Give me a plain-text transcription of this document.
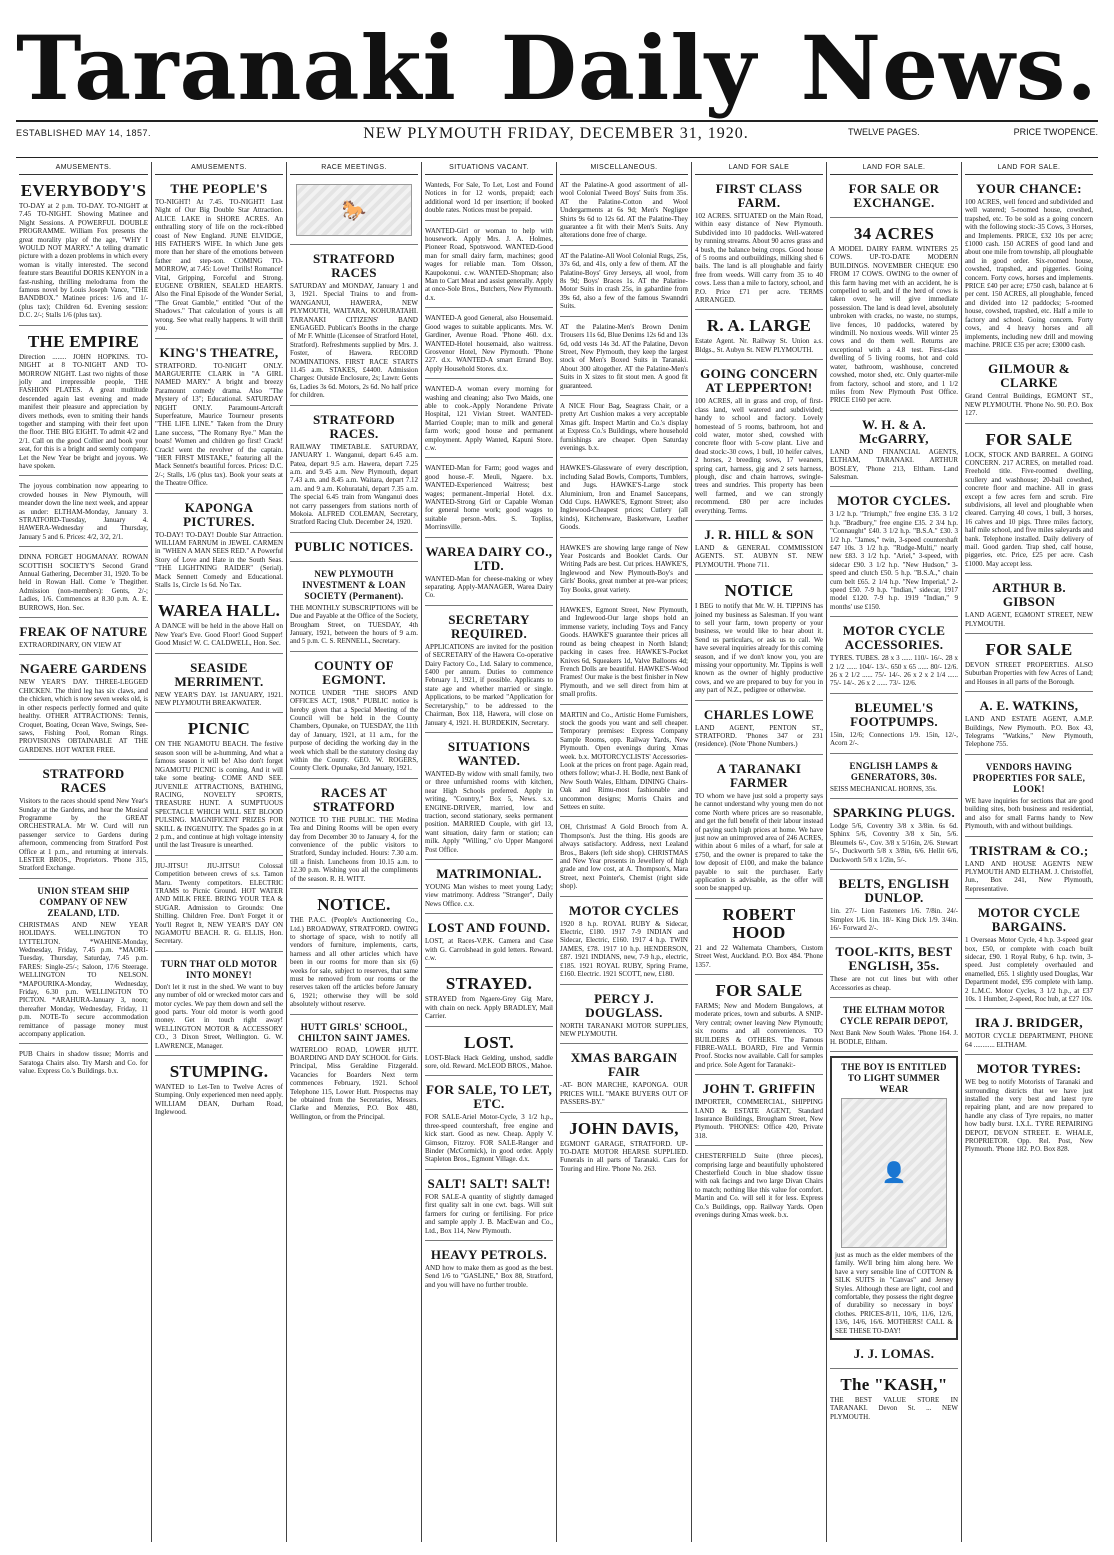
Taranaki Daily News.
ESTABLISHED MAY 14, 1857.	NEW PLYMOUTH FRIDAY, DECEMBER 31, 1920.	TWELVE PAGES.	PRICE TWOPENCE.
AMUSEMENTS.
EVERYBODY'S
TO-DAY at 2 p.m. TO-DAY. TO-NIGHT at 7.45 TO-NIGHT. Showing Matinee and Night Sessions. A POWERFUL DOUBLE PROGRAMME. William Fox presents the great morality play of the age, "WHY I WOULD NOT MARRY." A telling dramatic picture with a dozen problems in which every woman is vitally interested. The second feature stars Beautiful DORIS KENYON in a fast-rushing, thrilling melodrama from the famous novel by Louis Joseph Vance, "THE BANDBOX." Matinee prices: 1/6 and 1/- (plus tax); Children 6d. Evening session: D.C. 2/-; Stalls 1/6 (plus tax).
THE EMPIRE
Direction ........ JOHN HOPKINS. TO-NIGHT at 8 TO-NIGHT AND TO-MORROW NIGHT. Last two nights of those jolly and irrepressible people, THE FASHION PLATES. A great multitude descended again last evening and made manifest their pleasure and appreciation by divers methods, even to smiting their hands together and stamping with their feet upon the floor. THE BIG EIGHT. To admit 4/2 and 2/1. Call on the good Collier and book your seat, for this is a bright and seemly company. Let the New Year be bright and joyous. We have spoken.
The joyous combination now appearing to crowded houses in New Plymouth, will meander down the line next week, and appear as under: ELTHAM-Monday, January 3. STRATFORD-Tuesday, January 4. HAWERA-Wednesday and Thursday, January 5 and 6. Prices: 4/2, 3/2, 2/1.
DINNA FORGET HOGMANAY. ROWAN SCOTTISH SOCIETY'S Second Grand Annual Gathering, December 31, 1920. To be held in Rowan Hall. Come 'e Thegither. Admission (non-members): Gents, 2/-; Ladies, 1/6. Commences at 8.30 p.m. A. E. BURROWS, Hon. Sec.
FREAK OF NATURE
EXTRAORDINARY, ON VIEW AT
NGAERE GARDENS
NEW YEAR'S DAY. THREE-LEGGED CHICKEN. The third leg has six claws, and the chicken, which is now seven weeks old, is in other respects perfectly formed and quite healthy. OTHER ATTRACTIONS: Tennis, Croquet, Boating, Ocean Wave, Swings, See-saws, Fishing Pool, Roman Rings. PROVISIONS OBTAINABLE AT THE GARDENS. HOT WATER FREE.
STRATFORD RACES
Visitors to the races should spend New Year's Sunday at the Gardens, and hear the Musical Programme by the GREAT ORCHESTRALA. Mr W. Curd will run passenger service to Gardens during afternoon, commencing from Stratford Post Office at 1 p.m., and returning at intervals. LESTER BROS., Proprietors. 'Phone 315, Stratford Exchange.
UNION STEAM SHIP COMPANY OF NEW ZEALAND, LTD.
CHRISTMAS AND NEW YEAR HOLIDAYS. WELLINGTON TO LYTTELTON. *WAHINE-Monday, Wednesday, Friday, 7.45 p.m. *MAORI-Tuesday, Thursday, Saturday, 7.45 p.m. FARES: Single-25/-; Saloon, 17/6 Steerage. WELLINGTON TO NELSON. *MAPOURIKA-Monday, Wednesday, Friday, 6.30 p.m. WELLINGTON TO PICTON. *ARAHURA-January 3, noon; thereafter Monday, Wednesday, Friday, 11 p.m. NOTE-To secure accommodation remittance of passage money must accompany application.
PUB Chairs in shadow tissue; Morris and Saratoga Chairs also. Try Marsh and Co. for value. Express Co.'s Buildings. b.x.
AMUSEMENTS.
THE PEOPLE'S
TO-NIGHT! At 7.45. TO-NIGHT! Last Night of Our Big Double Star Attraction. ALICE LAKE in SHORE ACRES. An enthralling story of life on the rock-ribbed coast of New England. JUNE ELVIDGE, HIS FATHER'S WIFE. In which June gets more than her share of the emotions between father and step-son. COMING TO-MORROW, at 7.45: Love! Thrills! Romance! Vital, Gripping, Forceful and Strong. EUGENE O'BRIEN, SEALED HEARTS. Also the Final Episode of the Wonder Serial, "The Great Gamble," entitled "Out of the Shadows." That calculation of yours is all wrong. See what really happens. It will thrill you.
KING'S THEATRE,
STRATFORD. TO-NIGHT ONLY. MARGUERITE CLARK in "A GIRL NAMED MARY." A bright and breezy Paramount comedy drama. Also "The Mystery of 13"; Educational. SATURDAY NIGHT ONLY. Paramount-Artcraft Superfeature, Maurice Tourneur presents "THE LIFE LINE." Taken from the Drury Lane success, "The Romany Rye." Man the boats! Women and children go first! Crack! Crack! went the revolver of the captain. "HER FIRST MISTAKE," featuring all the Mack Sennett's beautiful forces. Prices: D.C. 2/-; Stalls, 1/6 (plus tax). Book your seats at the Theatre Office.
KAPONGA PICTURES.
TO-DAY! TO-DAY! Double Star Attraction. WILLIAM FARNUM in JEWEL CARMEN in "WHEN A MAN SEES RED." A Powerful Story of Love and Hate in the South Seas. "THE LIGHTNING RAIDER" (Serial). Mack Sennett Comedy and Educational. Stalls 1s, Circle 1s 6d. No Tax.
WAREA HALL.
A DANCE will be held in the above Hall on New Year's Eve. Good Floor! Good Supper! Good Music! W. C. CALDWELL, Hon. Sec.
SEASIDE MERRIMENT.
NEW YEAR'S DAY. 1st JANUARY, 1921. NEW PLYMOUTH BREAKWATER.
PICNIC
ON THE NGAMOTU BEACH. The festive season soon will be a-humming, And what a famous season it will be! Also don't forget NGAMOTU PICNIC is coming, And it will take some beating- COME AND SEE. JUVENILE ATTRACTIONS, BATHING, RACING, NOVELTY SPORTS, TREASURE HUNT. A SUMPTUOUS SPECTACLE WHICH WILL SET BLOOD PULSING. MAGNIFICENT PRIZES FOR SKILL & INGENUITY. The Spades go in at 2 p.m., and continue at high voltage intensity until the last Treasure is unearthed.
JIU-JITSU! JIU-JITSU! Colossal Competition between crews of s.s. Tamon Maru. Twenty competitors. ELECTRIC TRAMS to Picnic Ground. HOT WATER AND MILK FREE. BRING YOUR TEA & SUGAR. Admission to Grounds: One Shilling. Children Free. Don't Forget it or You'll Regret It, NEW YEAR'S DAY ON NGAMOTU BEACH. R. G. ELLIS, Hon. Secretary.
TURN THAT OLD MOTOR INTO MONEY!
Don't let it rust in the shed. We want to buy any number of old or wrecked motor cars and motor cycles. We pay them down and sell the good parts. Your old motor is worth good money. Get in touch right away! WELLINGTON MOTOR & ACCESSORY CO., 3 Dixon Street, Wellington. G. W. LAWRENCE, Manager.
STUMPING.
WANTED to Let-Ten to Twelve Acres of Stumping. Only experienced men need apply. WILLIAM DEAN, Durham Road, Inglewood.
RACE MEETINGS.
🐎
STRATFORD RACES
SATURDAY and MONDAY, January 1 and 3, 1921. Special Trains to and from-WANGANUI, HAWERA, NEW PLYMOUTH, WAITARA, KOHURATAHI. TARANAKI CITIZENS' BAND ENGAGED. Publican's Booths in the charge of Mr F. Whittle (Licensee of Stratford Hotel, Stratford). Refreshments supplied by Mrs. J. Foster, of Hawera. RECORD NOMINATIONS. FIRST RACE STARTS 11.45 a.m. STAKES, £4400. Admission Charges: Outside Enclosure, 2s; Lawn: Gents 6s, Ladies 3s 6d. Motors, 2s 6d. No half price for children.
STRATFORD RACES.
RAILWAY TIMETABLE. SATURDAY, JANUARY 1. Wanganui, depart 6.45 a.m. Patea, depart 9.5 a.m. Hawera, depart 7.25 a.m. and 9.45 a.m. New Plymouth, depart 7.43 a.m. and 8.45 a.m. Waitara, depart 7.12 a.m. and 9 a.m. Kohuratahi, depart 7.35 a.m. The special 6.45 train from Wanganui does not carry passengers from stations north of Mokoia. ALFRED COLEMAN, Secretary, Stratford Racing Club. December 24, 1920.
PUBLIC NOTICES.
NEW PLYMOUTH INVESTMENT & LOAN SOCIETY (Permanent).
THE MONTHLY SUBSCRIPTIONS will be Due and Payable at the Office of the Society, Brougham Street, on TUESDAY, 4th January, 1921, between the hours of 9 a.m. and 5 p.m. C. S. RENNELL, Secretary.
COUNTY OF EGMONT.
NOTICE UNDER "THE SHOPS AND OFFICES ACT, 1908." PUBLIC notice is hereby given that a Special Meeting of the Council will be held in the County Chambers, Opunake, on TUESDAY, the 11th day of January, 1921, at 11 a.m., for the purpose of deciding the working day in the week which shall be the statutory closing day within the County. GEO. W. ROGERS, County Clerk. Opunake, 3rd January, 1921.
RACES AT STRATFORD
NOTICE TO THE PUBLIC. THE Medina Tea and Dining Rooms will be open every day from December 30 to January 4, for the convenience of the public visitors to Stratford, Sunday included. Hours: 7.30 a.m. till a finish. Luncheons from 10.15 a.m. to 12.30 p.m. Wishing you all the compliments of the season. R. H. WITT.
NOTICE.
THE P.A.C. (People's Auctioneering Co., Ltd.) BROADWAY, STRATFORD. OWING to shortage of space, wish to notify all vendors of furniture, implements, carts, harness and all other articles which have been in our rooms for more than six (6) weeks for sale, subject to reserves, that same must be removed from our rooms or the reserves taken off the articles before January 6, 1921; otherwise they will be sold absolutely without reserve.
HUTT GIRLS' SCHOOL, CHILTON SAINT JAMES.
WATERLOO ROAD, LOWER HUTT. BOARDING AND DAY SCHOOL for Girls. Principal, Miss Geraldine Fitzgerald. Vacancies for Boarders Next term commences February, 1921. School Telephone 115, Lower Hutt. Prospectus may be obtained from the Secretaries, Messrs. Clarke and Menzies, P.O. Box 480, Wellington, or from the Principal.
SITUATIONS VACANT.
Wanteds, For Sale, To Let, Lost and Found Notices in for 12 words, prepaid; each additional word 1d per insertion; if booked double rates. Notices must be prepaid.
WANTED-Girl or woman to help with housework. Apply Mrs. J. A. Holmes, Pioneer Road, Spotswood. WANTED-Good man for small dairy farm, machines; good wages for reliable man. Tom Olsson, Kaupokonui. c.w. WANTED-Shopman; also Man to Cart Meat and assist generally. Apply at once-Sole Bros., Butchers, New Plymouth. d.x.
WANTED-A good General, also Housemaid. Good wages to suitable applicants. Mrs. W. Gardiner, Avenue Road. 'Phone 460. d.x. WANTED-Hotel housemaid, also waitress. Grosvenor Hotel, New Plymouth. 'Phone 227. d.x. WANTED-A smart Errand Boy. Apply Household Stores. d.x.
WANTED-A woman every morning for washing and cleaning; also Two Maids, one able to cook.-Apply Norandene Private Hospital, 121 Vivian Street. WANTED-Married Couple; man to milk and general farm work; good house and permanent employment. Apply Wanted, Kapuni Store. c.w.
WANTED-Man for Farm; good wages and good house.-F. Meuli, Ngaere. b.x. WANTED-Experienced Waitress; best wages; permanent.-Imperial Hotel. d.x. WANTED-Strong Girl or Capable Woman for general home work; good wages to suitable person.-Mrs. S. Topliss, Morrinsville.
WAREA DAIRY CO., LTD.
WANTED-Man for cheese-making or whey separating. Apply-MANAGER, Warea Dairy Co.
SECRETARY REQUIRED.
APPLICATIONS are invited for the position of SECRETARY of the Hawera Co-operative Dairy Factory Co., Ltd. Salary to commence, £400 per annum. Duties to commence February 1, 1921, if possible. Applicants to state age and whether married or single. Applications, to be marked "Application for Secretaryship," to be addressed to the Chairman, Box 118, Hawera, will close on January 4, 1921. H. BURDEKIN, Secretary.
SITUATIONS WANTED.
WANTED-By widow with small family, two or three unfurnished rooms with kitchen, near High Schools preferred. Apply in writing, "Country," Box 5, News. s.x. ENGINE-DRIVER, married, low and traction, second stationary, seeks permanent position. MARRIED Couple, with girl 13, want situation, dairy farm or station; can milk. Apply "Willing," c/o Upper Mangorei Post Office.
MATRIMONIAL.
YOUNG Man wishes to meet young Lady; view matrimony. Address "Stranger", Daily News Office. c.x.
LOST AND FOUND.
LOST, at Races-V.P.K. Camera and Case with G. Carrolshead in gold letters. Reward. c.w.
STRAYED.
STRAYED from Ngaere-Grey Gig Mare, with chain on neck. Apply BRADLEY, Mail Carrier.
LOST.
LOST-Black Hack Gelding, unshod, saddle sore, old. Reward. McLEOD BROS., Mahoe.
FOR SALE, TO LET, ETC.
FOR SALE-Ariel Motor-Cycle, 3 1/2 h.p., three-speed countershaft, free engine and kick start. Good as new. Cheap. Apply V. Gimson, Fitzroy. FOR SALE-Ranger and Binder (McCormick), in good order. Apply Stapleton Bros., Egmont Village. d.x.
SALT! SALT! SALT!
FOR SALE-A quantity of slightly damaged first quality salt in one cwt. bags. Will suit farmers for curing or fertilising. For price and sample apply J. B. MacEwan and Co., Ltd., Box 114, New Plymouth.
HEAVY PETROLS.
AND how to make them as good as the best. Send 1/6 to "GASLINE," Box 88, Stratford, and you will have no further trouble.
MISCELLANEOUS.
AT the Palatine-A good assortment of all-wool Colonial Tweed Boys' Suits from 35s. AT the Palatine-Cotton and Wool Undergarments at 6s 9d; Men's Negligee Shirts 9s 6d to 12s 6d. AT the Palatine-They guarantee a fit with their Men's Suits. Any alterations done free of charge.
AT the Palatine-All Wool Colonial Rugs, 25s, 37s 6d, and 41s, only a few of them. AT the Palatine-Boys' Grey Jerseys, all wool, from 8s 9d; Boys' Braces 1s. AT the Palatine-Motor Suits in crash 25s, in gabardine from 39s 6d, also a few of the famous Swanndri Suits.
AT the Palatine-Men's Brown Denim Trousers 11s 6d, Blue Denims 12s 6d and 13s 6d, odd vests 14s 3d. AT the Palatine, Devon Street, New Plymouth, they keep the largest stock of Men's Boxed Suits in Taranaki. About 300 altogether. AT the Palatine-Men's Suits in X sizes to fit stout men. A good fit guaranteed.
A NICE Flour Bag, Seagrass Chair, or a pretty Art Cushion makes a very acceptable Xmas gift. Inspect Martin and Co.'s display at Express Co.'s Buildings, where household furnishings are cheaper. Open Saturday evenings. b.x.
HAWKE'S-Glassware of every description, including Salad Bowls, Comports, Tumblers, and Jugs. HAWKE'S-Large stock Aluminium, Iron and Enamel Saucepans, Odd Cups. HAWKE'S, Egmont Street; also Inglewood-Cheapest prices; Cutlery (all kinds), Kitchenware, Basketware, Leather Goods.
HAWKE'S are showing large range of New Year Postcards and Booklet Cards. Our Writing Pads are best. Cut prices. HAWKE'S, Inglewood and New Plymouth-Boy's and Girls' Books, great number at pre-war prices; Toy Books, great variety.
HAWKE'S, Egmont Street, New Plymouth, and Inglewood-Our large shops hold an immense variety, including Toys and Fancy Goods. HAWKE'S guarantee their prices all round as being cheapest in North Island; packing in cases free. HAWKE'S-Pocket Knives 6d, Squeakers 1d, Valve Balloons 4d; French Dolls are beautiful. HAWKE'S-Wood Frames! Our make is the best finisher in New Plymouth, and we sell direct from him at small profits.
MARTIN and Co., Artistic Home Furnishers, stock the goods you want and sell cheaper. Temporary premises: Express Company Sample Rooms, opp. Railway Yards, New Plymouth. Open evenings during Xmas week. b.x. MOTORCYCLISTS' Accessories-Look at the prices on front page. Again read, others follow; what-J. H. Bodle, next Bank of New South Wales, Eltham. DINING Chairs-Oak and Rimu-most fashionable and uncommon designs; Morris Chairs and Settees en suite.
OH, Christmas! A Gold Brooch from A. Thompson's. Just the thing. His goods are always satisfactory. Address, next Lealand Bros., Bakers (left side shop). CHRISTMAS and New Year presents in Jewellery of high grade and low cost, at A. Thompson's, Mara Street, next Pointer's, Chemist (right side shop).
MOTOR CYCLES
1920 8 h.p. ROYAL RUBY & Sidecar, Electric, £180. 1917 7-9 INDIAN and Sidecar, Electric, £160. 1917 4 h.p. TWIN JAMES, £78. 1917 10 h.p. HENDERSON, £87. 1921 INDIANS, new, 7-9 h.p., electric, £185. 1921 ROYAL RUBY, Spring Frame, £160. Electric. 1921 SCOTT, new, £180.
PERCY J. DOUGLASS.
NORTH TARANAKI MOTOR SUPPLIES, NEW PLYMOUTH.
XMAS BARGAIN FAIR
-AT- BON MARCHE, KAPONGA. OUR PRICES WILL "MAKE BUYERS OUT OF PASSERS-BY."
JOHN DAVIS,
EGMONT GARAGE, STRATFORD. UP-TO-DATE MOTOR HEARSE SUPPLIED. Funerals in all parts of Taranaki. Cars for Touring and Hire. 'Phone No. 263.
LAND FOR SALE
FIRST CLASS FARM.
102 ACRES. SITUATED on the Main Road, within easy distance of New Plymouth. Subdivided into 10 paddocks. Well-watered by running streams. About 90 acres grass and 4 bush, the balance being crops. Good house of 5 rooms and outbuildings, milking shed 6 bails. The land is all ploughable and fairly free from weeds. Will carry from 35 to 40 cows. Less than a mile to factory, school, and P.O. Price £71 per acre. TERMS ARRANGED.
R. A. LARGE
Estate Agent. Nr. Railway St. Union a.s. Bldgs., St. Aubyn St. NEW PLYMOUTH.
GOING CONCERN AT LEPPERTON!
100 ACRES, all in grass and crop, of first-class land, well watered and subdivided; handy to school and factory. Lovely homestead of 5 rooms, bathroom, hot and cold water, motor shed, cowshed with concrete floor with 5-cow plant. Live and dead stock:-30 cows, 1 bull, 10 heifer calves, 2 horses, 2 breeding sows, 17 weaners, spring cart, harness, gig and 2 sets harness, plough, disc and chain harrows, swingle-trees and sundries. This property has been well farmed, and we can strongly recommend. £80 per acre includes everything. Terms.
J. R. HILL & SON
LAND & GENERAL COMMISSION AGENTS. ST. AUBYN ST. NEW PLYMOUTH. 'Phone 711.
NOTICE
I BEG to notify that Mr. W. H. TIPPINS has joined my business as Salesman. If you want to sell your farm, town property or your business, we would like to hear about it. Send us particulars, or ask us to call. We have several inquiries already for this coming season, and if we don't know you, you are missing your opportunity. Mr. Tippins is well known as the owner of highly productive cows, and we are prepared to buy for you in any part of N.Z., pedigree or otherwise.
CHARLES LOWE
LAND AGENT, PENTON ST., STRATFORD. 'Phones 347 or 231 (residence). (Note 'Phone Numbers.)
A TARANAKI FARMER
TO whom we have just sold a property says he cannot understand why young men do not come North where prices are so reasonable, and get the full benefit of their labour instead of paying such high prices at home. We have just now an unimproved area of 246 ACRES, within about 6 miles of a wharf, for sale at £750, and the owner is prepared to take the low deposit of £100, and make the balance payable to suit the purchaser. Early application is advisable, as the offer will soon be snapped up.
ROBERT HOOD
21 and 22 Waltemata Chambers, Custom Street West, Auckland. P.O. Box 484. 'Phone 1357.
FOR SALE
FARMS; New and Modern Bungalows, at moderate prices, town and suburbs. A SNIP-Very central; owner leaving New Plymouth; six rooms and all conveniences. TO BUILDERS & OTHERS. The Famous FIBRE-WALL BOARD, Fire and Vermin Proof. Stocks now available. Call for samples and price. Sole Agent for Taranaki:-
JOHN T. GRIFFIN
IMPORTER, COMMERCIAL, SHIPPING LAND & ESTATE AGENT, Standard Insurance Buildings, Brougham Street, New Plymouth. 'PHONES: Office 420, Private 318.
CHESTERFIELD Suite (three pieces), comprising large and beautifully upholstered Chesterfield Couch in blue shadow tissue with oak facings and two large Divan Chairs to match; nothing like this value for comfort. Martin and Co. will sell it for less. Express Co.'s Buildings, opp. Railway Yards. Open evenings during Xmas week. b.x.
LAND FOR SALE.
FOR SALE OR EXCHANGE.
34 ACRES
A MODEL DAIRY FARM. WINTERS 25 COWS. UP-TO-DATE MODERN BUILDINGS. NOVEMBER CHEQUE £90 FROM 17 COWS. OWING to the owner of this farm having met with an accident, he is compelled to sell, and if the herd of cows is taken over, he will give immediate possession. The land is dead level, absolutely unbroken with cracks, no waste, no stumps, live fences, 10 paddocks, watered by windmill. No noxious weeds. Will winter 25 cows and do them well. Returns are exceptional with a 4.8 test. First-class dwelling of 5 living rooms, hot and cold water, bathroom, washhouse, concreted cowshed, motor shed, etc. Only quarter-mile from factory, school and store, and 1 1/2 miles from New Plymouth Post Office. PRICE £160 per acre.
W. H. & A. McGARRY,
LAND AND FINANCIAL AGENTS, ELTHAM, TARANAKI. ARTHUR BOSLEY, 'Phone 213, Eltham. Land Salesman.
MOTOR CYCLES.
3 1/2 h.p. "Triumph," free engine £35. 3 1/2 h.p. "Bradbury," free engine £35. 2 3/4 h.p. "Connaught" £40. 3 1/2 h.p. "B.S.A." £30. 3 1/2 h.p. "James," twin, 3-speed countershaft £47 10s. 3 1/2 h.p. "Rudge-Multi," nearly new £83. 3 1/2 h.p. "Ariel," 3-speed, with sidecar £90. 3 1/2 h.p. "New Hudson," 3-speed and clutch £50. 5 h.p. "B.S.A.," chain cum belt £65. 2 1/4 h.p. "New Imperial," 2-speed £50. 7-9 h.p. "Indian," sidecar, 1917 model £120. 7-9 h.p. 1919 "Indian," 9 months' use £150.
MOTOR CYCLE ACCESSORIES.
TYRES. TUBES. 28 x 3 ...... 110/- 16/-. 28 x 2 1/2 ...... 104/- 13/-. 650 x 65 ...... 80/- 12/6. 26 x 2 1/2 ...... 75/- 14/-. 26 x 2 x 2 1/4 ...... 75/- 14/-. 26 x 2 ...... 73/- 12/6.
BLEUMEL'S FOOTPUMPS.
15in, 12/6; Connections 1/9. 15in, 12/-, Acorn 2/-.
ENGLISH LAMPS & GENERATORS, 30s.
SEISS MECHANICAL HORNS, 35s.
SPARKING PLUGS.
Lodge 5/6, Coventry 3/8 x 3/8in. 6s 6d. Sphinx 5/6, Coventry 3/8 x 5in, 5/6. Bleumels 6/-, Cov. 3/8 x 5/16in, 2/6. Stewart 5/-, Duckworth 5/8 x 3/8in, 6/6. Hellit 6/6, Duckworth 5/8 x 1/2in, 5/-.
BELTS, ENGLISH DUNLOP.
1in. 27/- Lion Fasteners 1/6. 7/8in. 24/- Simplex 1/6. 1in. 18/- King Dick 1/9. 3/4in. 16/- Forward 2/-.
TOOL-KITS, BEST ENGLISH, 35s.
These are not cut lines but with other Accessories as cheap.
THE ELTHAM MOTOR CYCLE REPAIR DEPOT,
Next Bank New South Wales. 'Phone 164. J. H. BODLE, Eltham.
THE BOY IS ENTITLED TO LIGHT SUMMER WEAR
👤
just as much as the elder members of the family. We'll bring him along here. We have a very sensible line of COTTON & SILK SUITS in "Canvas" and Jersey Styles. Although these are light, cool and comfortable, they possess the right degree of durability so necessary in boys' clothes. PRICES-8/11, 10/6, 11/6, 12/6, 13/6, 14/6, 16/6. MOTHERS! CALL & SEE THESE TO-DAY!
J. J. LOMAS.
The "KASH,"
THE BEST VALUE STORE IN TARANAKI. Devon St. ... NEW PLYMOUTH.
LAND FOR SALE.
YOUR CHANCE:
100 ACRES, well fenced and subdivided and well watered; 5-roomed house, cowshed, trapshed, etc. To be sold as a going concern with the following stock:-35 Cows, 3 Horses, and Implements. PRICE, £32 10s per acre; £1000 cash. 150 ACRES of good land and about one mile from township, all ploughable and in good order. Six-roomed house, cowshed, trapshed, and piggeries. Going concern. Forty cows, horses and implements. PRICE £40 per acre; £750 cash, balance at 6 per cent. 150 ACRES, all ploughable, fenced and divided into 12 paddocks; 5-roomed house, cowshed, trapshed, etc. Half a mile to factory and school. Going concern. Forty cows, and 4 heavy horses and all implements, including new drill and mowing machine. PRICE £35 per acre; £3000 cash.
GILMOUR & CLARKE
Grand Central Buildings, EGMONT ST., NEW PLYMOUTH. 'Phone No. 90. P.O. Box 127.
FOR SALE
LOCK, STOCK AND BARREL. A GOING CONCERN. 217 ACRES, on metalled road. Freehold title. Five-roomed dwelling, scullery and washhouse; 20-bail cowshed, concrete floor and machine. All in grass except a few acres fern and scrub. Fire subdivisions, all level and ploughable when cleared. Carrying 40 cows, 1 bull, 3 horses, 16 calves and 10 pigs. Three miles factory, half mile school, and five miles saleyards and bank. Telephone installed. Daily delivery of mail. Good garden. Trap shed, calf house, piggeries, etc. Price, £25 per acre. Cash £1000. May accept less.
ARTHUR B. GIBSON
LAND AGENT, EGMONT STREET, NEW PLYMOUTH.
FOR SALE
DEVON STREET PROPERTIES. ALSO Suburban Properties with few Acres of Land; and Houses in all parts of the Borough.
A. E. WATKINS,
LAND AND ESTATE AGENT, A.M.P. Buildings, New Plymouth. P.O. Box 43, Telegrams "Watkins," New Plymouth, Telephone 755.
VENDORS HAVING PROPERTIES FOR SALE, LOOK!
WE have inquiries for sections that are good building sites, both business and residential, and also for small Farms handy to New Plymouth, with and without buildings.
TRISTRAM & CO.;
LAND AND HOUSE AGENTS NEW PLYMOUTH AND ELTHAM. J. Christoffel, Jun., Box 241, New Plymouth, Representative.
MOTOR CYCLE BARGAINS.
1 Overseas Motor Cycle, 4 h.p. 3-speed gear box, £50, or complete with coach built sidecar, £90. 1 Royal Ruby, 6 h.p. twin, 3-speed. Just completely overhauled and enamelled, £65. 1 slightly used Douglas, War Department model, £95 complete with lamp. 2 L.M.C. Motor Cycles, 3 1/2 h.p., at £37 10s. 1 Humber, 2-speed, Roc hub, at £27 10s.
IRA J. BRIDGER,
MOTOR CYCLE DEPARTMENT, PHONE 64 ............ ELTHAM.
MOTOR TYRES:
WE beg to notify Motorists of Taranaki and surrounding districts that we have just installed the very best and latest tyre repairing plant, and are now prepared to handle any class of Tyre repairs, no matter how badly burst. I.X.L. TYRE REPAIRING DEPOT, DEVON STREET. E. WHALE, PROPRIETOR. Opp. Rel. Post, New Plymouth. 'Phone 182. P.O. Box 828.
